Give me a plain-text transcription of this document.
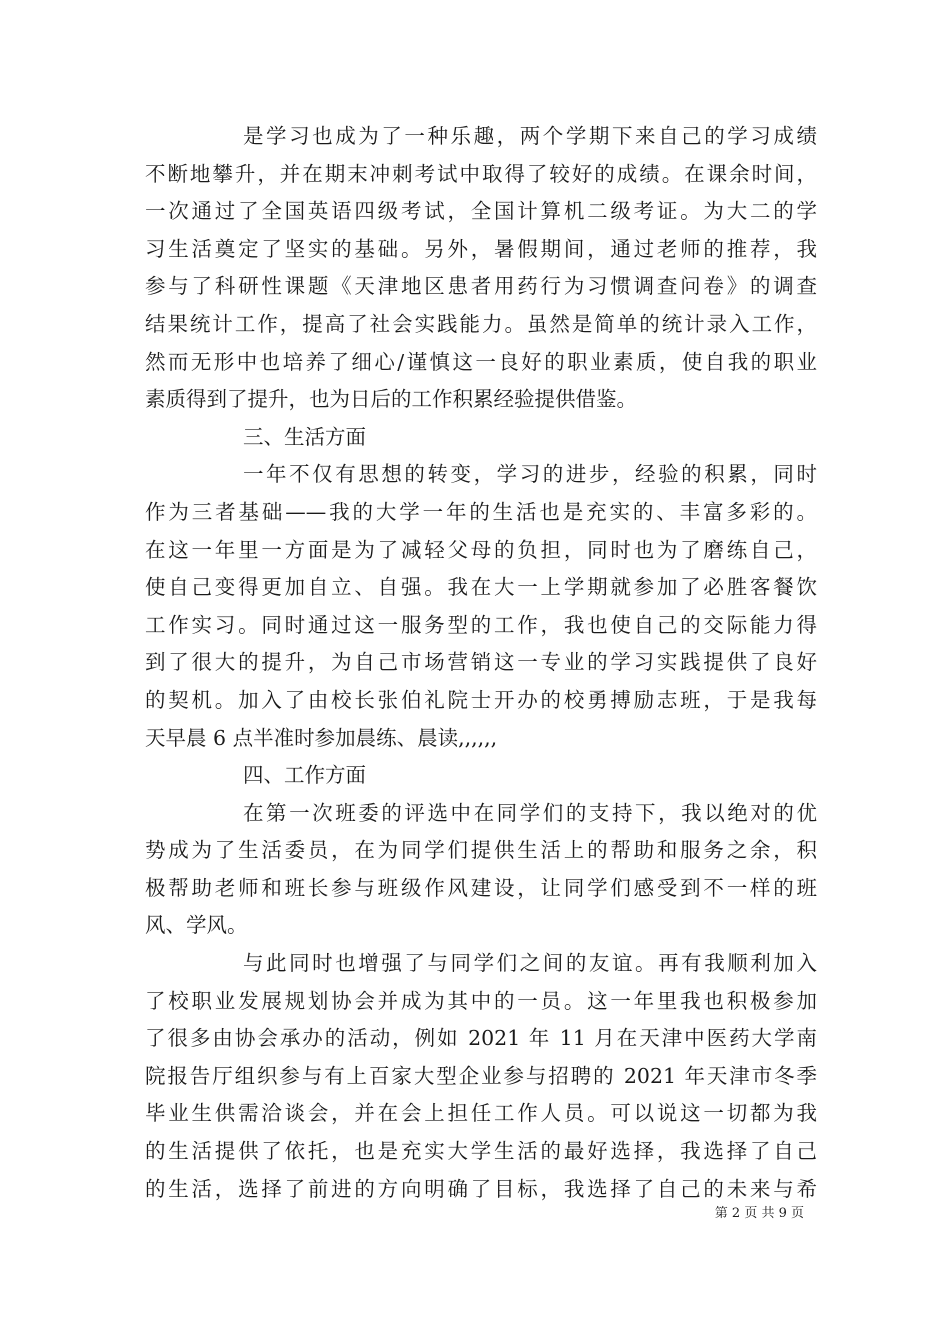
是学习也成为了一种乐趣，两个学期下来自己的学习成绩
不断地攀升，并在期末冲刺考试中取得了较好的成绩。在课余时间，
一次通过了全国英语四级考试，全国计算机二级考证。为大二的学
习生活奠定了坚实的基础。另外，暑假期间，通过老师的推荐，我
参与了科研性课题《天津地区患者用药行为习惯调查问卷》的调查
结果统计工作，提高了社会实践能力。虽然是简单的统计录入工作，
然而无形中也培养了细心/谨慎这一良好的职业素质，使自我的职业
素质得到了提升，也为日后的工作积累经验提供借鉴。
三、生活方面
一年不仅有思想的转变，学习的进步，经验的积累，同时
作为三者基础——我的大学一年的生活也是充实的、丰富多彩的。
在这一年里一方面是为了减轻父母的负担，同时也为了磨练自己，
使自己变得更加自立、自强。我在大一上学期就参加了必胜客餐饮
工作实习。同时通过这一服务型的工作，我也使自己的交际能力得
到了很大的提升，为自己市场营销这一专业的学习实践提供了良好
的契机。加入了由校长张伯礼院士开办的校勇搏励志班，于是我每
天早晨 6 点半准时参加晨练、晨读,,,,,,
四、工作方面
在第一次班委的评选中在同学们的支持下，我以绝对的优
势成为了生活委员，在为同学们提供生活上的帮助和服务之余，积
极帮助老师和班长参与班级作风建设，让同学们感受到不一样的班
风、学风。
与此同时也增强了与同学们之间的友谊。再有我顺利加入
了校职业发展规划协会并成为其中的一员。这一年里我也积极参加
了很多由协会承办的活动，例如 2021 年 11 月在天津中医药大学南
院报告厅组织参与有上百家大型企业参与招聘的 2021 年天津市冬季
毕业生供需洽谈会，并在会上担任工作人员。可以说这一切都为我
的生活提供了依托，也是充实大学生活的最好选择，我选择了自己
的生活，选择了前进的方向明确了目标，我选择了自己的未来与希
第 2 页 共 9 页
